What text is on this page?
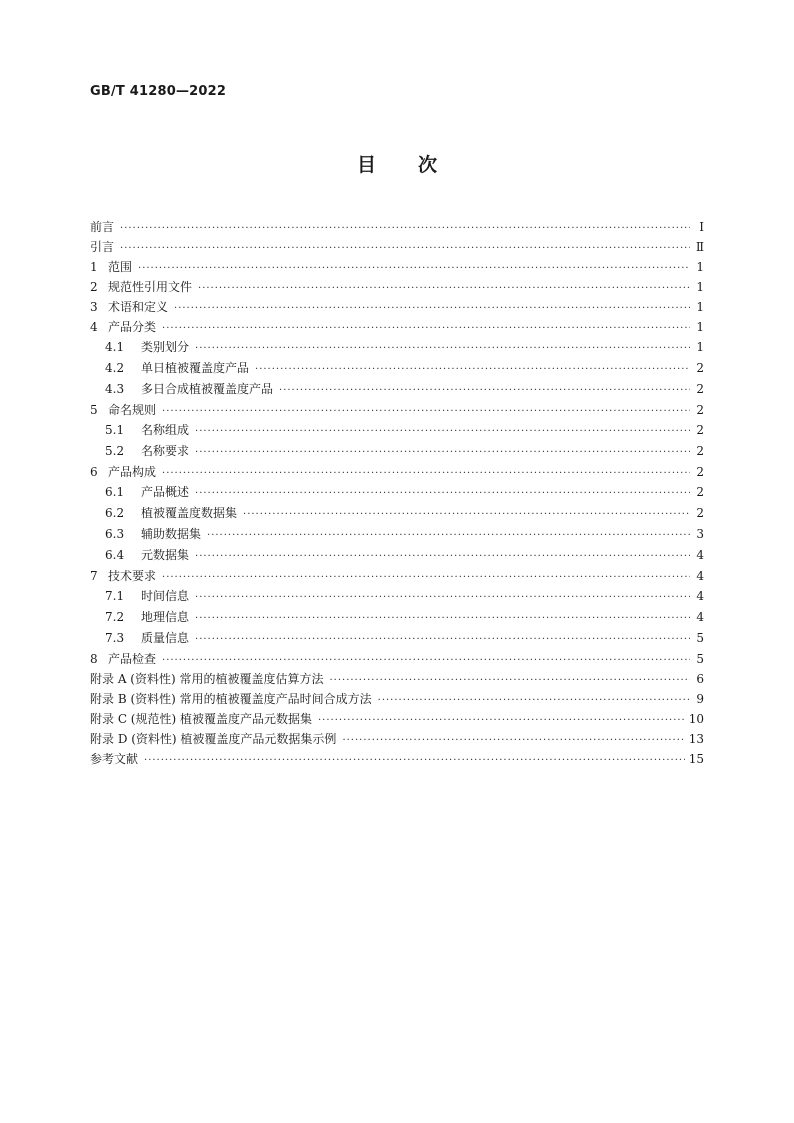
GB/T 41280—2022
目 次
前言 ·····	Ⅰ
引言 ·····	Ⅱ
1 范围 ·····	1
2 规范性引用文件 ·····	1
3 术语和定义 ·····	1
4 产品分类 ·····	1
4.1	类别划分 ·····	1
4.2	单日植被覆盖度产品 ·····	2
4.3	多日合成植被覆盖度产品 ·····	2
5 命名规则 ·····	2
5.1	名称组成 ·····	2
5.2	名称要求 ·····	2
6 产品构成 ·····	2
6.1	产品概述 ·····	2
6.2	植被覆盖度数据集 ·····	2
6.3	辅助数据集 ·····	3
6.4	元数据集 ·····	4
7 技术要求 ·····	4
7.1	时间信息 ·····	4
7.2	地理信息 ·····	4
7.3	质量信息 ·····	5
8 产品检查 ·····	5
附录 A (资料性) 常用的植被覆盖度估算方法 ·····	6
附录 B (资料性) 常用的植被覆盖度产品时间合成方法 ·····	9
附录 C (规范性) 植被覆盖度产品元数据集 ·····	10
附录 D (资料性) 植被覆盖度产品元数据集示例 ·····	13
参考文献 ·····	15
